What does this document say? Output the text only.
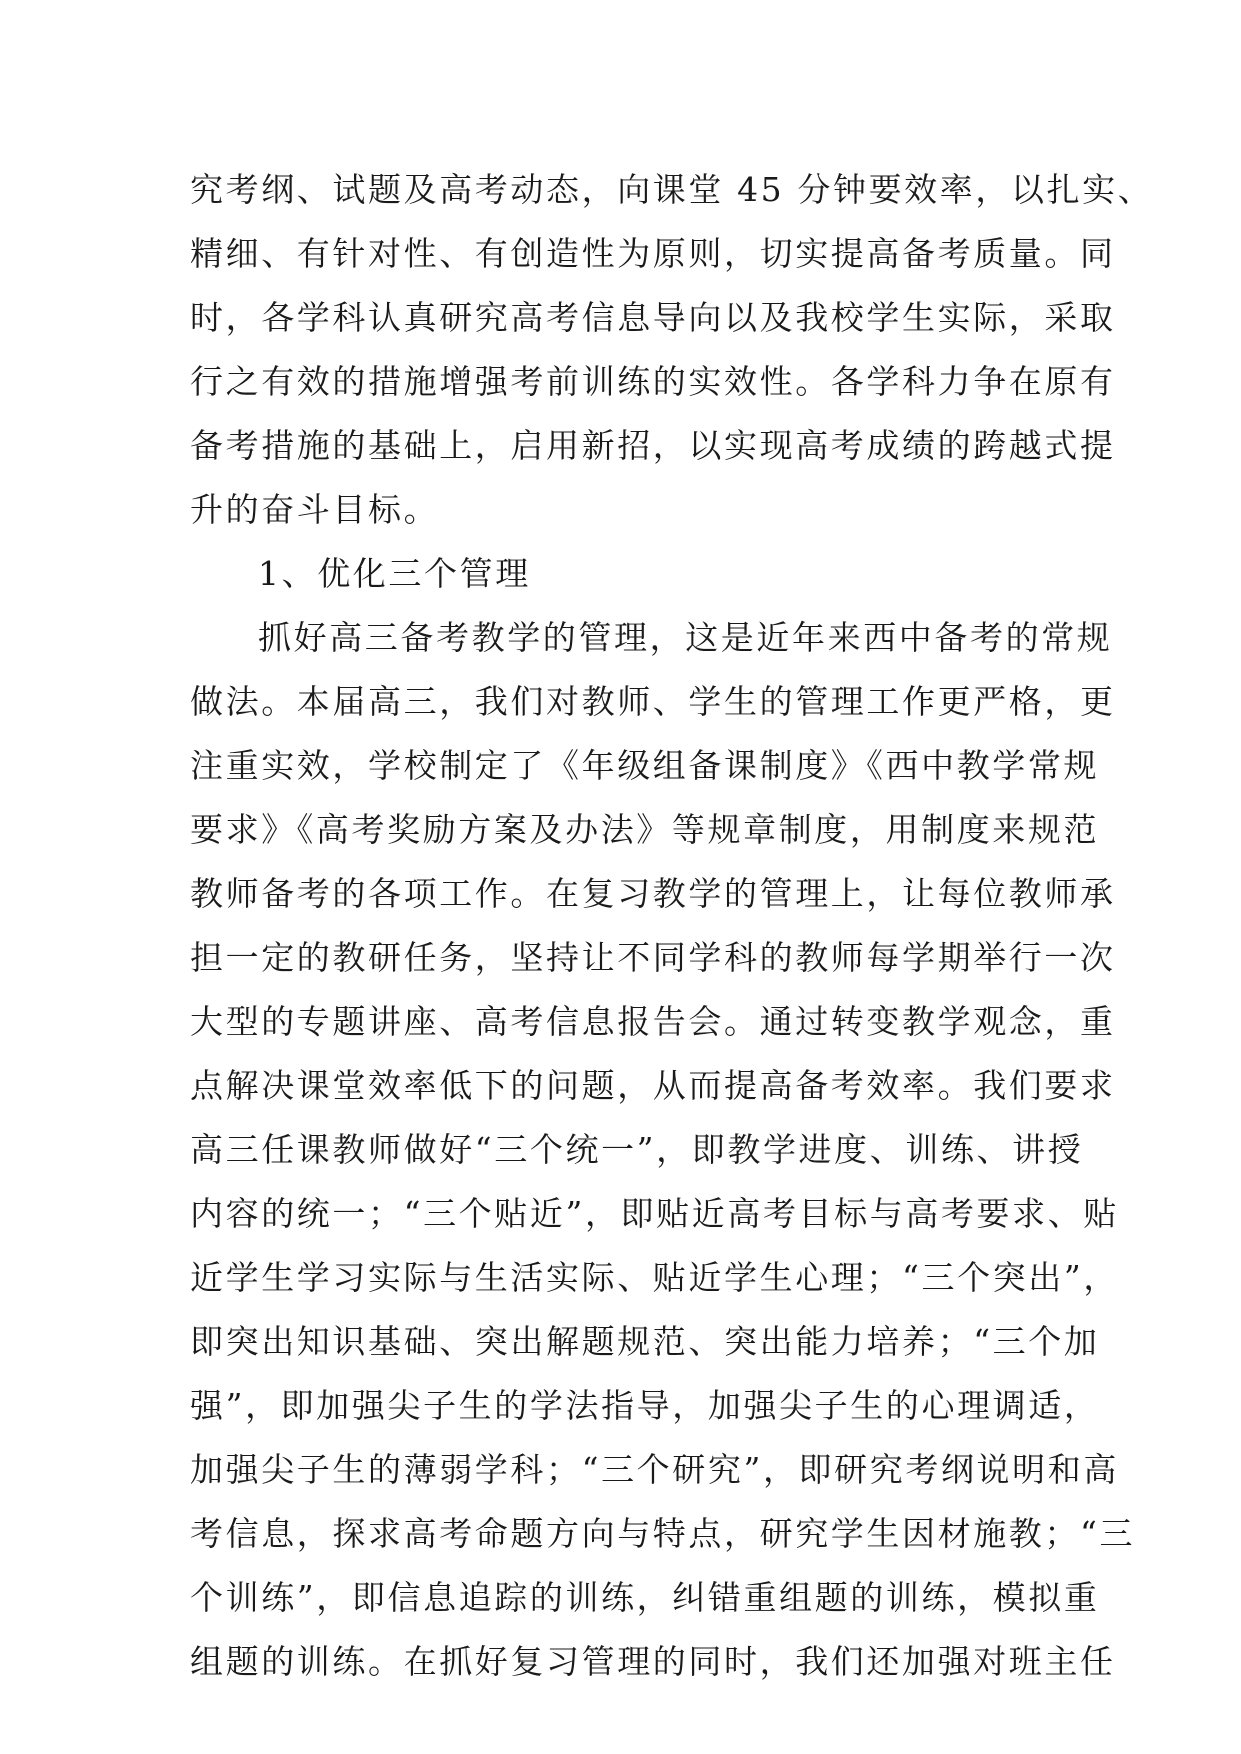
究考纲、试题及高考动态，向课堂 45 分钟要效率，以扎实、
精细、有针对性、有创造性为原则，切实提高备考质量。同
时，各学科认真研究高考信息导向以及我校学生实际，采取
行之有效的措施增强考前训练的实效性。各学科力争在原有
备考措施的基础上，启用新招，以实现高考成绩的跨越式提
升的奋斗目标。
1、优化三个管理
抓好高三备考教学的管理，这是近年来西中备考的常规
做法。本届高三，我们对教师、学生的管理工作更严格，更
注重实效，学校制定了《年级组备课制度》《西中教学常规
要求》《高考奖励方案及办法》等规章制度，用制度来规范
教师备考的各项工作。在复习教学的管理上，让每位教师承
担一定的教研任务，坚持让不同学科的教师每学期举行一次
大型的专题讲座、高考信息报告会。通过转变教学观念，重
点解决课堂效率低下的问题，从而提高备考效率。我们要求
高三任课教师做好“三个统一”，即教学进度、训练、讲授
内容的统一；“三个贴近”，即贴近高考目标与高考要求、贴
近学生学习实际与生活实际、贴近学生心理；“三个突出”，
即突出知识基础、突出解题规范、突出能力培养；“三个加
强”，即加强尖子生的学法指导，加强尖子生的心理调适，
加强尖子生的薄弱学科；“三个研究”，即研究考纲说明和高
考信息，探求高考命题方向与特点，研究学生因材施教；“三
个训练”，即信息追踪的训练，纠错重组题的训练，模拟重
组题的训练。在抓好复习管理的同时，我们还加强对班主任
